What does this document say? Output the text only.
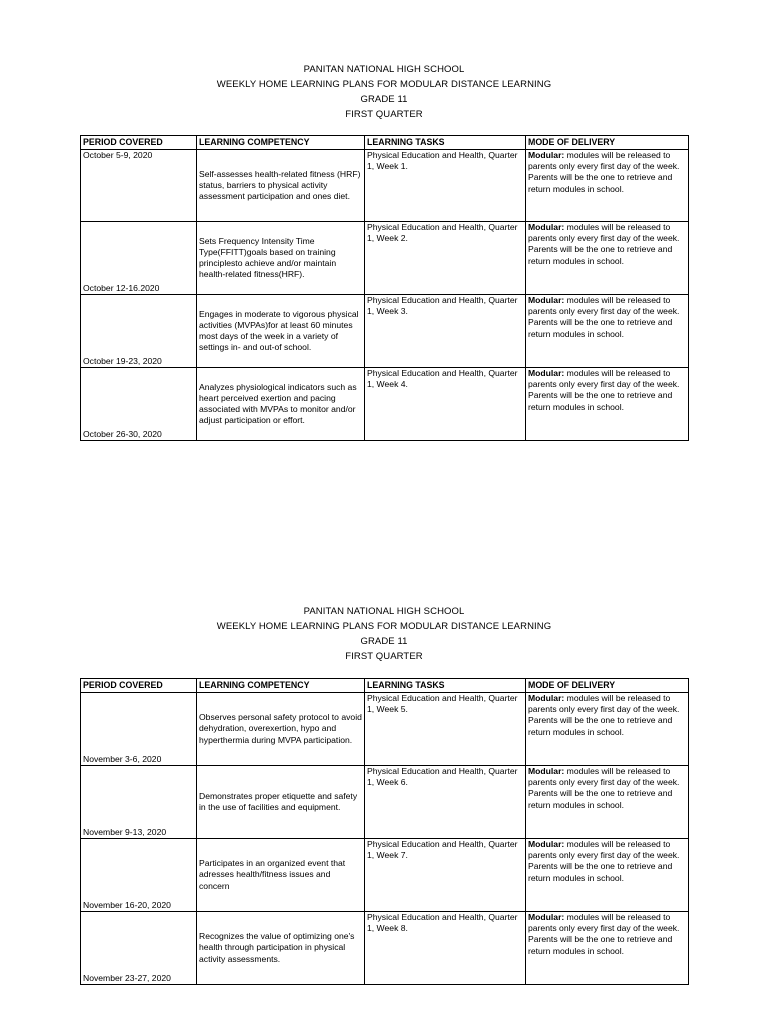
PANITAN NATIONAL HIGH SCHOOL
WEEKLY HOME LEARNING PLANS FOR MODULAR DISTANCE LEARNING
GRADE 11
FIRST QUARTER
PERIOD COVERED	LEARNING COMPETENCY	LEARNING TASKS	MODE OF DELIVERY
October 5-9, 2020	Self-assesses health-related fitness (HRF) status, barriers to physical activity assessment participation and ones diet.	Physical Education and Health, Quarter 1, Week 1.	Modular: modules will be released to parents only every first day of the week. Parents will be the one to retrieve and return modules in school.
October 12-16.2020	Sets Frequency Intensity Time Type(FFITT)goals based on training principlesto achieve and/or maintain health-related fitness(HRF).	Physical Education and Health, Quarter 1, Week 2.	Modular: modules will be released to parents only every first day of the week. Parents will be the one to retrieve and return modules in school.
October 19-23, 2020	Engages in moderate to vigorous physical activities (MVPAs)for at least 60 minutes most days of the week in a variety of settings in- and out-of school.	Physical Education and Health, Quarter 1, Week 3.	Modular: modules will be released to parents only every first day of the week. Parents will be the one to retrieve and return modules in school.
October 26-30, 2020	Analyzes physiological indicators such as heart perceived exertion and pacing associated with MVPAs to monitor and/or adjust participation or effort.	Physical Education and Health, Quarter 1, Week 4.	Modular: modules will be released to parents only every first day of the week. Parents will be the one to retrieve and return modules in school.
PANITAN NATIONAL HIGH SCHOOL
WEEKLY HOME LEARNING PLANS FOR MODULAR DISTANCE LEARNING
GRADE 11
FIRST QUARTER
PERIOD COVERED	LEARNING COMPETENCY	LEARNING TASKS	MODE OF DELIVERY
November 3-6, 2020	Observes personal safety protocol to avoid dehydration, overexertion, hypo and hyperthermia during MVPA participation.	Physical Education and Health, Quarter 1, Week 5.	Modular: modules will be released to parents only every first day of the week. Parents will be the one to retrieve and return modules in school.
November 9-13, 2020	Demonstrates proper etiquette and safety in the use of facilities and equipment.	Physical Education and Health, Quarter 1, Week 6.	Modular: modules will be released to parents only every first day of the week. Parents will be the one to retrieve and return modules in school.
November 16-20, 2020	Participates in an organized event that adresses health/fitness issues and concern	Physical Education and Health, Quarter 1, Week 7.	Modular: modules will be released to parents only every first day of the week. Parents will be the one to retrieve and return modules in school.
November 23-27, 2020	Recognizes the value of optimizing one's health through participation in physical activity assessments.	Physical Education and Health, Quarter 1, Week 8.	Modular: modules will be released to parents only every first day of the week. Parents will be the one to retrieve and return modules in school.
